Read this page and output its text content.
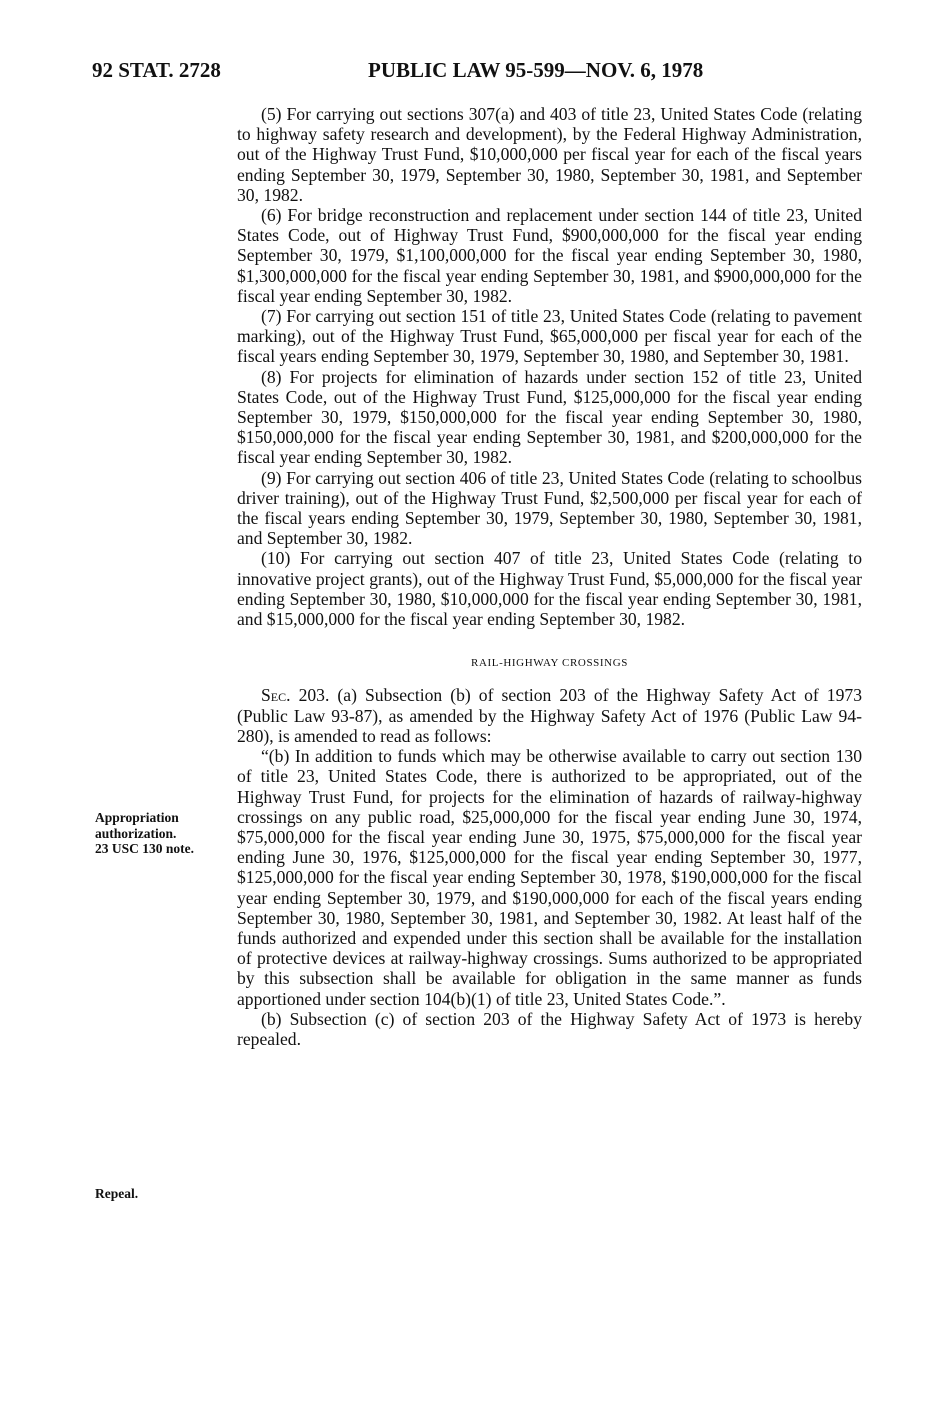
92 STAT. 2728	PUBLIC LAW 95-599—NOV. 6, 1978

(5) For carrying out sections 307(a) and 403 of title 23, United States Code (relating to highway safety research and development), by the Federal Highway Administration, out of the Highway Trust Fund, $10,000,000 per fiscal year for each of the fiscal years ending September 30, 1979, September 30, 1980, September 30, 1981, and September 30, 1982.

(6) For bridge reconstruction and replacement under section 144 of title 23, United States Code, out of Highway Trust Fund, $900,000,000 for the fiscal year ending September 30, 1979, $1,100,000,000 for the fiscal year ending September 30, 1980, $1,300,000,000 for the fiscal year ending September 30, 1981, and $900,000,000 for the fiscal year ending September 30, 1982.

(7) For carrying out section 151 of title 23, United States Code (relating to pavement marking), out of the Highway Trust Fund, $65,000,000 per fiscal year for each of the fiscal years ending September 30, 1979, September 30, 1980, and September 30, 1981.

(8) For projects for elimination of hazards under section 152 of title 23, United States Code, out of the Highway Trust Fund, $125,000,000 for the fiscal year ending September 30, 1979, $150,000,000 for the fiscal year ending September 30, 1980, $150,000,000 for the fiscal year ending September 30, 1981, and $200,000,000 for the fiscal year ending September 30, 1982.

(9) For carrying out section 406 of title 23, United States Code (relating to schoolbus driver training), out of the Highway Trust Fund, $2,500,000 per fiscal year for each of the fiscal years ending September 30, 1979, September 30, 1980, September 30, 1981, and September 30, 1982.

(10) For carrying out section 407 of title 23, United States Code (relating to innovative project grants), out of the Highway Trust Fund, $5,000,000 for the fiscal year ending September 30, 1980, $10,000,000 for the fiscal year ending September 30, 1981, and $15,000,000 for the fiscal year ending September 30, 1982.

RAIL-HIGHWAY CROSSINGS

Sec. 203. (a) Subsection (b) of section 203 of the Highway Safety Act of 1973 (Public Law 93-87), as amended by the Highway Safety Act of 1976 (Public Law 94-280), is amended to read as follows:

“(b) In addition to funds which may be otherwise available to carry out section 130 of title 23, United States Code, there is authorized to be appropriated, out of the Highway Trust Fund, for projects for the elimination of hazards of railway-highway crossings on any public road, $25,000,000 for the fiscal year ending June 30, 1974, $75,000,000 for the fiscal year ending June 30, 1975, $75,000,000 for the fiscal year ending June 30, 1976, $125,000,000 for the fiscal year ending September 30, 1977, $125,000,000 for the fiscal year ending September 30, 1978, $190,000,000 for the fiscal year ending September 30, 1979, and $190,000,000 for each of the fiscal years ending September 30, 1980, September 30, 1981, and September 30, 1982. At least half of the funds authorized and expended under this section shall be available for the installation of protective devices at railway-highway crossings. Sums authorized to be appropriated by this subsection shall be available for obligation in the same manner as funds apportioned under section 104(b)(1) of title 23, United States Code.”.

(b) Subsection (c) of section 203 of the Highway Safety Act of 1973 is hereby repealed.

Appropriation
authorization.
23 USC 130 note.
Repeal.
